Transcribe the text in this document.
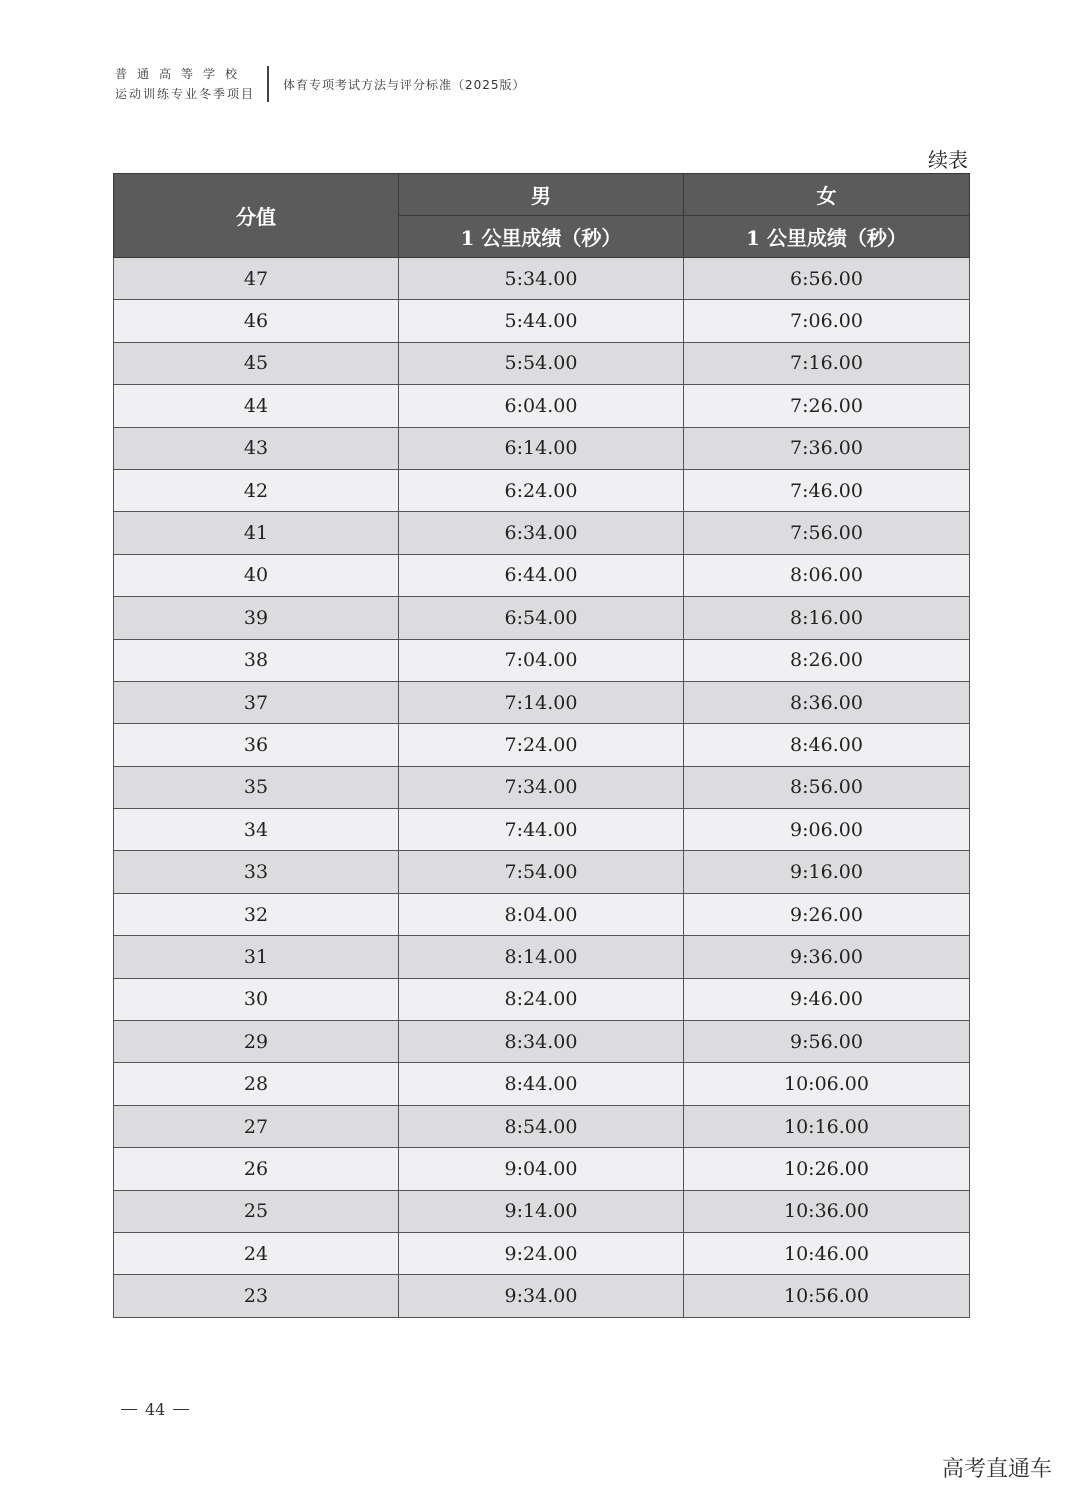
普通高等学校
运动训练专业冬季项目
体育专项考试方法与评分标准（2025版）
续表
分值	男	女
	1 公里成绩（秒）	1 公里成绩（秒）
47	5:34.00	6:56.00
46	5:44.00	7:06.00
45	5:54.00	7:16.00
44	6:04.00	7:26.00
43	6:14.00	7:36.00
42	6:24.00	7:46.00
41	6:34.00	7:56.00
40	6:44.00	8:06.00
39	6:54.00	8:16.00
38	7:04.00	8:26.00
37	7:14.00	8:36.00
36	7:24.00	8:46.00
35	7:34.00	8:56.00
34	7:44.00	9:06.00
33	7:54.00	9:16.00
32	8:04.00	9:26.00
31	8:14.00	9:36.00
30	8:24.00	9:46.00
29	8:34.00	9:56.00
28	8:44.00	10:06.00
27	8:54.00	10:16.00
26	9:04.00	10:26.00
25	9:14.00	10:36.00
24	9:24.00	10:46.00
23	9:34.00	10:56.00
44
高考直通车
